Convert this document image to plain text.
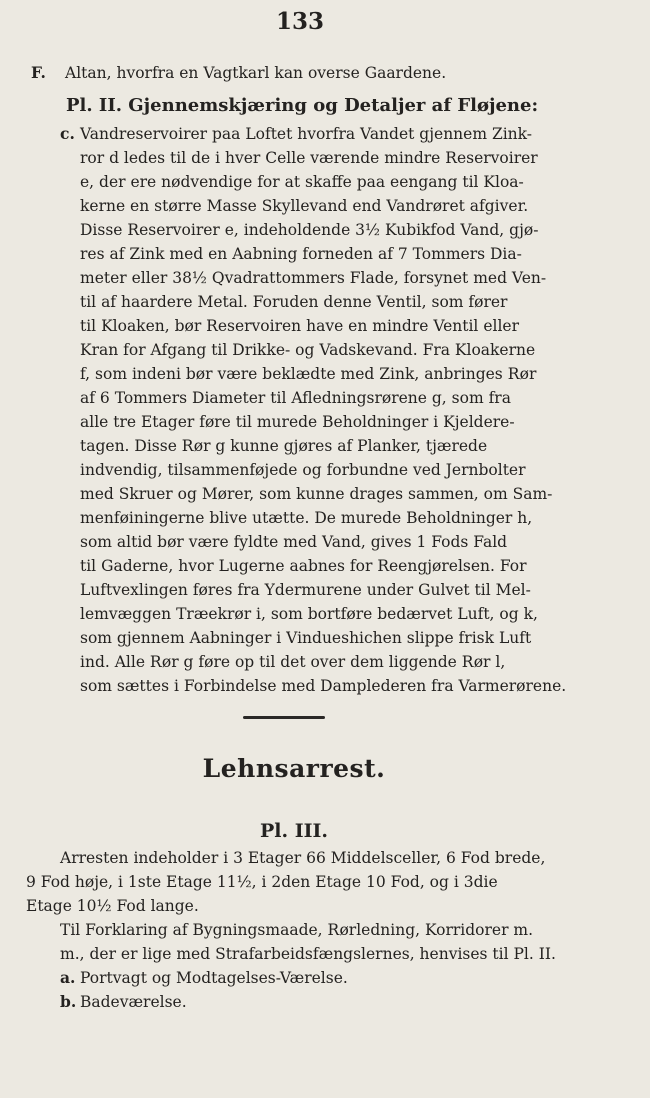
133
F. Altan, hvorfra en Vagtkarl kan overse Gaardene.
Pl. II. Gjennemskjæring og Detaljer af Fløjene:
c. Vandreservoirer paa Loftet hvorfra Vandet gjennem Zink-
ror d ledes til de i hver Celle værende mindre Reservoirer
e, der ere nødvendige for at skaffe paa eengang til Kloa-
kerne en større Masse Skyllevand end Vandrøret afgiver.
Disse Reservoirer e, indeholdende 3½ Kubikfod Vand, gjø-
res af Zink med en Aabning forneden af 7 Tommers Dia-
meter eller 38½ Qvadrattommers Flade, forsynet med Ven-
til af haardere Metal. Foruden denne Ventil, som fører
til Kloaken, bør Reservoiren have en mindre Ventil eller
Kran for Afgang til Drikke- og Vadskevand. Fra Kloakerne
f, som indeni bør være beklædte med Zink, anbringes Rør
af 6 Tommers Diameter til Afledningsrørene g, som fra
alle tre Etager føre til murede Beholdninger i Kjeldere-
tagen. Disse Rør g kunne gjøres af Planker, tjærede
indvendig, tilsammenføjede og forbundne ved Jernbolter
med Skruer og Mører, som kunne drages sammen, om Sam-
menføiningerne blive utætte. De murede Beholdninger h,
som altid bør være fyldte med Vand, gives 1 Fods Fald
til Gaderne, hvor Lugerne aabnes for Reengjørelsen. For
Luftvexlingen føres fra Ydermurene under Gulvet til Mel-
lemvæggen Træekrør i, som bortføre bedærvet Luft, og k,
som gjennem Aabninger i Vindueshichen slippe frisk Luft
ind. Alle Rør g føre op til det over dem liggende Rør l,
som sættes i Forbindelse med Damplederen fra Varmerørene.
Lehnsarrest.
Pl. III.
Arresten indeholder i 3 Etager 66 Middelsceller, 6 Fod brede,
9 Fod høje, i 1ste Etage 11½, i 2den Etage 10 Fod, og i 3die
Etage 10½ Fod lange.
Til Forklaring af Bygningsmaade, Rørledning, Korridorer m.
m., der er lige med Strafarbeidsfængslernes, henvises til Pl. II.
a. Portvagt og Modtagelses-Værelse.
b. Badeværelse.
